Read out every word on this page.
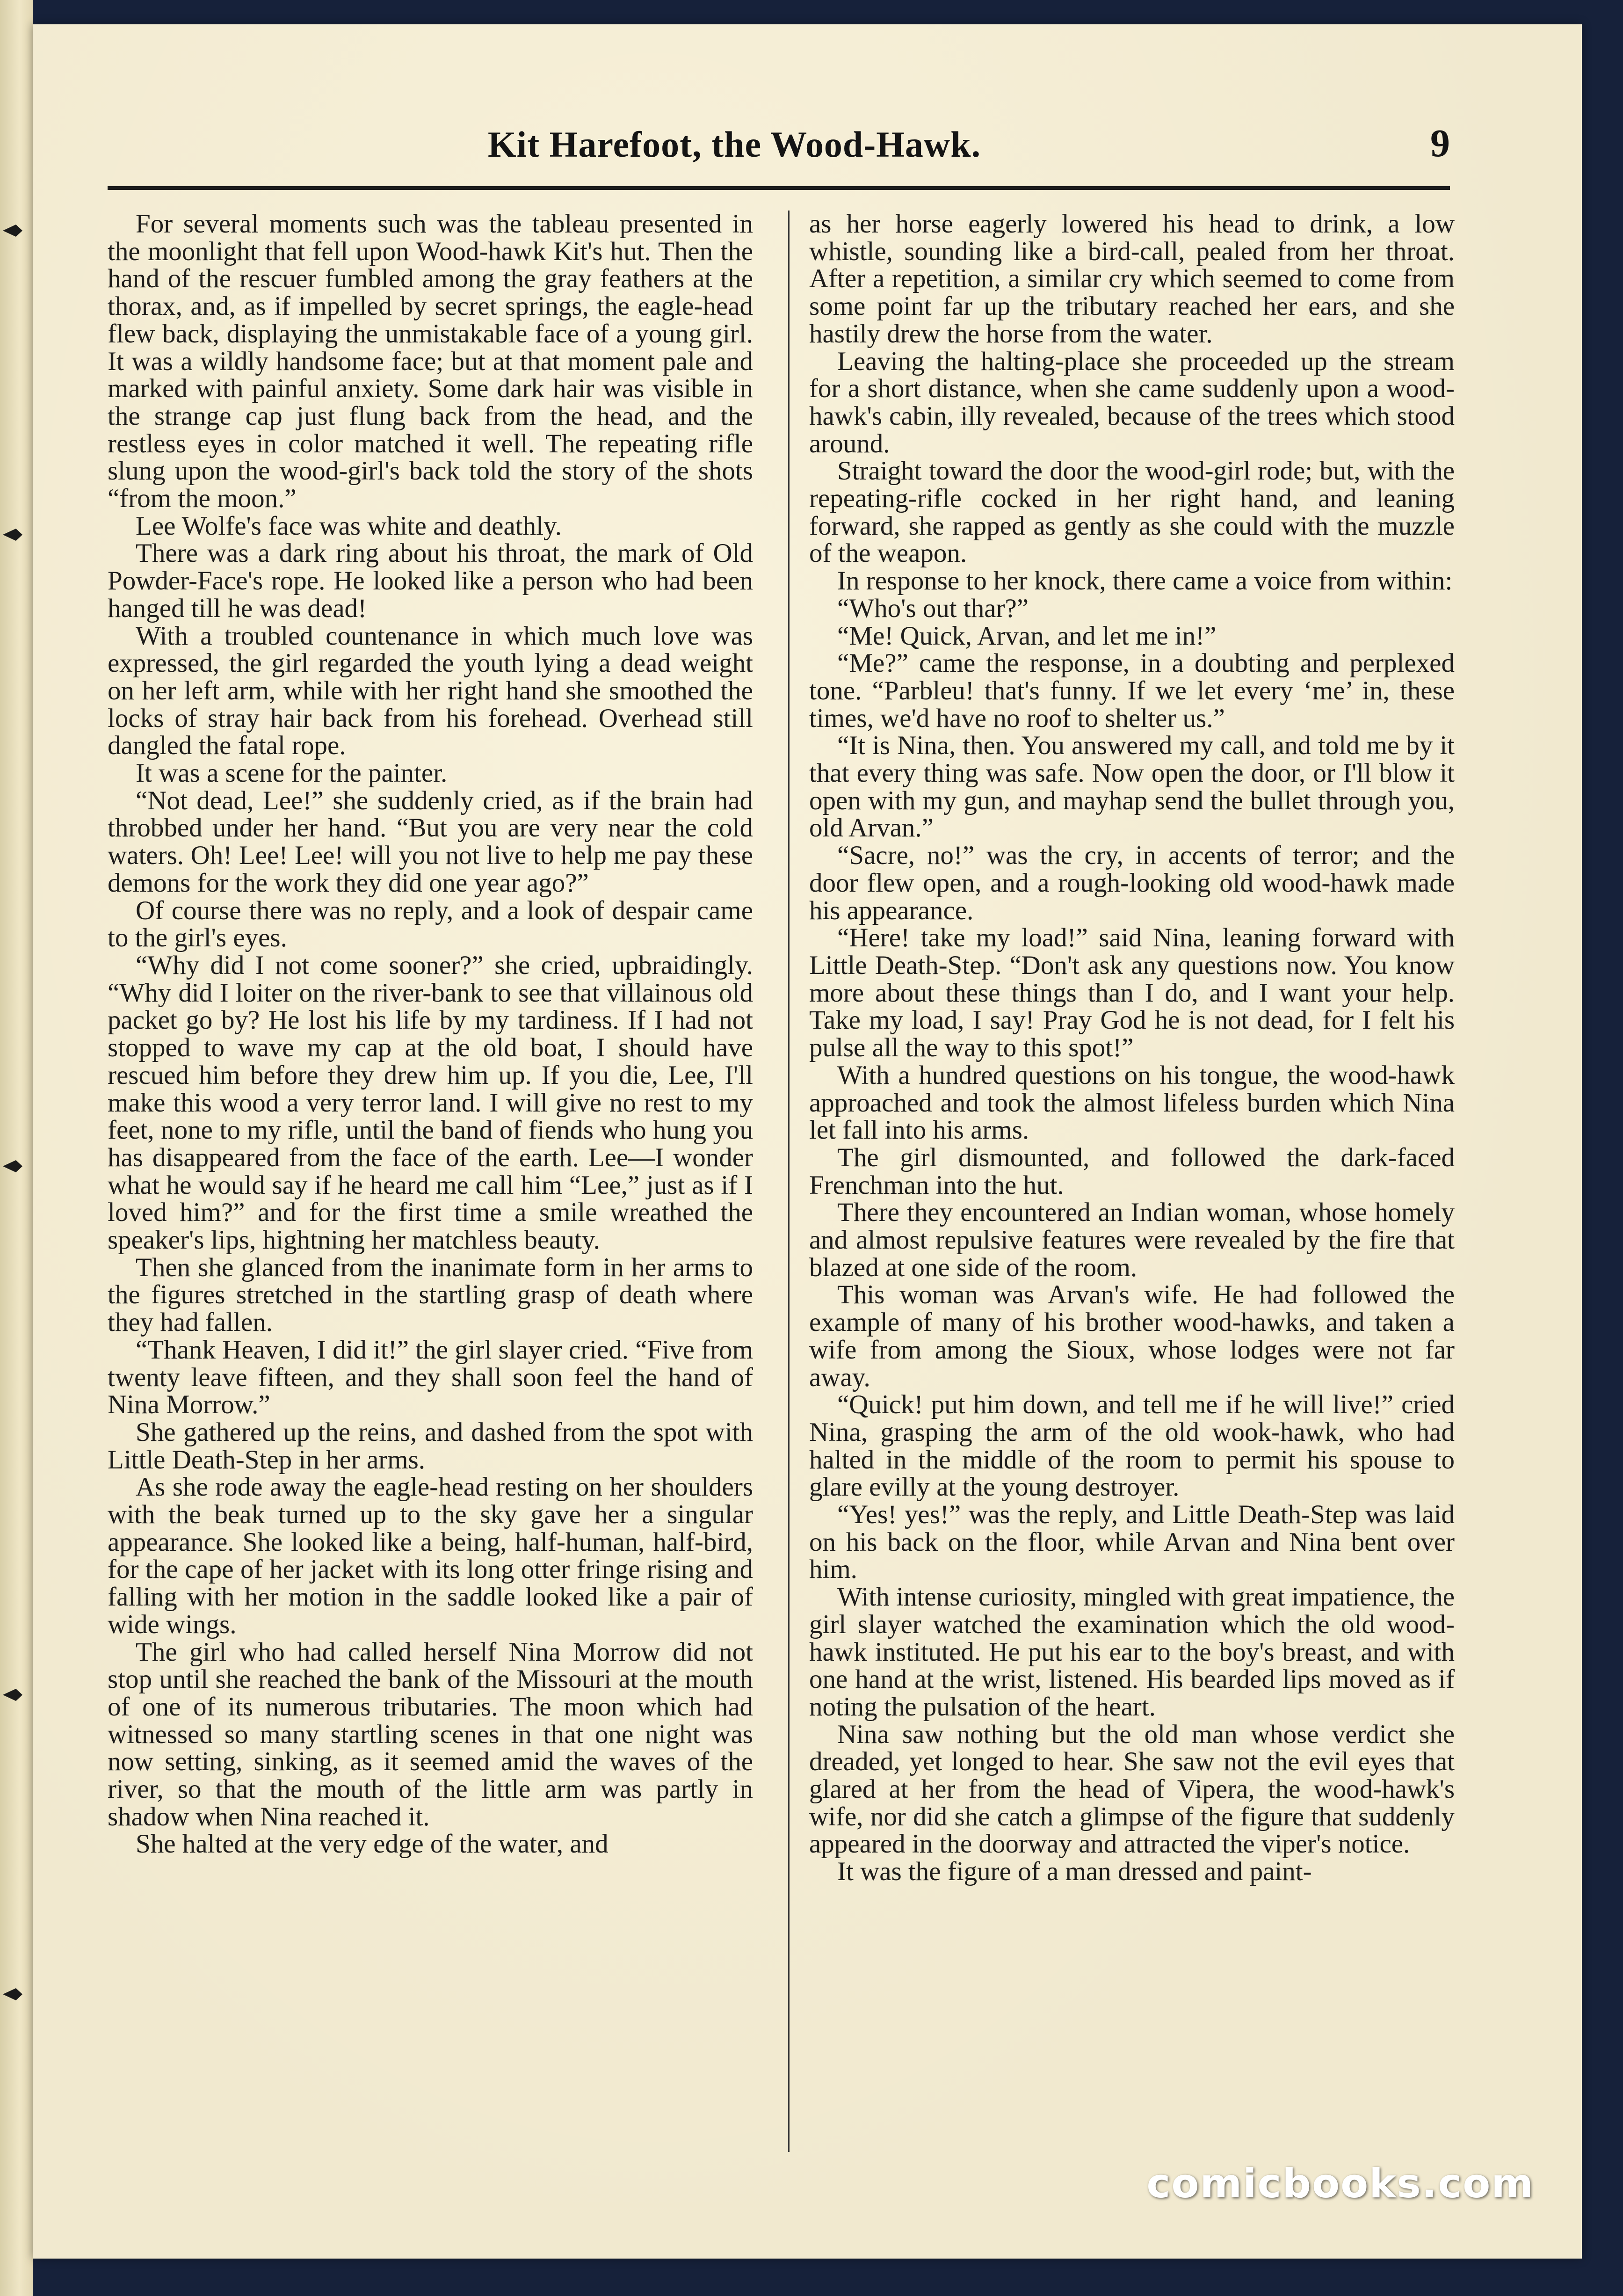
Kit Harefoot, the Wood-Hawk.	9

For several moments such was the tableau presented in the moonlight that fell upon Wood-hawk Kit's hut. Then the hand of the rescuer fumbled among the gray feathers at the thorax, and, as if impelled by secret springs, the eagle-head flew back, displaying the unmistakable face of a young girl. It was a wildly handsome face; but at that moment pale and marked with painful anxiety. Some dark hair was visible in the strange cap just flung back from the head, and the restless eyes in color matched it well. The repeating rifle slung upon the wood-girl's back told the story of the shots “from the moon.”

Lee Wolfe's face was white and deathly.

There was a dark ring about his throat, the mark of Old Powder-Face's rope. He looked like a person who had been hanged till he was dead!

With a troubled countenance in which much love was expressed, the girl regarded the youth lying a dead weight on her left arm, while with her right hand she smoothed the locks of stray hair back from his forehead. Overhead still dangled the fatal rope.

It was a scene for the painter.

“Not dead, Lee!” she suddenly cried, as if the brain had throbbed under her hand. “But you are very near the cold waters. Oh! Lee! Lee! will you not live to help me pay these demons for the work they did one year ago?”

Of course there was no reply, and a look of despair came to the girl's eyes.

“Why did I not come sooner?” she cried, upbraidingly. “Why did I loiter on the river-bank to see that villainous old packet go by? He lost his life by my tardiness. If I had not stopped to wave my cap at the old boat, I should have rescued him before they drew him up. If you die, Lee, I'll make this wood a very terror land. I will give no rest to my feet, none to my rifle, until the band of fiends who hung you has disappeared from the face of the earth. Lee—I wonder what he would say if he heard me call him “Lee,” just as if I loved him?” and for the first time a smile wreathed the speaker's lips, hightning her matchless beauty.

Then she glanced from the inanimate form in her arms to the figures stretched in the startling grasp of death where they had fallen.

“Thank Heaven, I did it!” the girl slayer cried. “Five from twenty leave fifteen, and they shall soon feel the hand of Nina Morrow.”

She gathered up the reins, and dashed from the spot with Little Death-Step in her arms.

As she rode away the eagle-head resting on her shoulders with the beak turned up to the sky gave her a singular appearance. She looked like a being, half-human, half-bird, for the cape of her jacket with its long otter fringe rising and falling with her motion in the saddle looked like a pair of wide wings.

The girl who had called herself Nina Morrow did not stop until she reached the bank of the Missouri at the mouth of one of its numerous tributaries. The moon which had witnessed so many startling scenes in that one night was now setting, sinking, as it seemed amid the waves of the river, so that the mouth of the little arm was partly in shadow when Nina reached it.

She halted at the very edge of the water, and

as her horse eagerly lowered his head to drink, a low whistle, sounding like a bird-call, pealed from her throat. After a repetition, a similar cry which seemed to come from some point far up the tributary reached her ears, and she hastily drew the horse from the water.

Leaving the halting-place she proceeded up the stream for a short distance, when she came suddenly upon a wood-hawk's cabin, illy revealed, because of the trees which stood around.

Straight toward the door the wood-girl rode; but, with the repeating-rifle cocked in her right hand, and leaning forward, she rapped as gently as she could with the muzzle of the weapon.

In response to her knock, there came a voice from within:

“Who's out thar?”

“Me! Quick, Arvan, and let me in!”

“Me?” came the response, in a doubting and perplexed tone. “Parbleu! that's funny. If we let every ‘me’ in, these times, we'd have no roof to shelter us.”

“It is Nina, then. You answered my call, and told me by it that every thing was safe. Now open the door, or I'll blow it open with my gun, and mayhap send the bullet through you, old Arvan.”

“Sacre, no!” was the cry, in accents of terror; and the door flew open, and a rough-looking old wood-hawk made his appearance.

“Here! take my load!” said Nina, leaning forward with Little Death-Step. “Don't ask any questions now. You know more about these things than I do, and I want your help. Take my load, I say! Pray God he is not dead, for I felt his pulse all the way to this spot!”

With a hundred questions on his tongue, the wood-hawk approached and took the almost lifeless burden which Nina let fall into his arms.

The girl dismounted, and followed the dark-faced Frenchman into the hut.

There they encountered an Indian woman, whose homely and almost repulsive features were revealed by the fire that blazed at one side of the room.

This woman was Arvan's wife. He had followed the example of many of his brother wood-hawks, and taken a wife from among the Sioux, whose lodges were not far away.

“Quick! put him down, and tell me if he will live!” cried Nina, grasping the arm of the old wook-hawk, who had halted in the middle of the room to permit his spouse to glare evilly at the young destroyer.

“Yes! yes!” was the reply, and Little Death-Step was laid on his back on the floor, while Arvan and Nina bent over him.

With intense curiosity, mingled with great impatience, the girl slayer watched the examination which the old wood-hawk instituted. He put his ear to the boy's breast, and with one hand at the wrist, listened. His bearded lips moved as if noting the pulsation of the heart.

Nina saw nothing but the old man whose verdict she dreaded, yet longed to hear. She saw not the evil eyes that glared at her from the head of Vipera, the wood-hawk's wife, nor did she catch a glimpse of the figure that suddenly appeared in the doorway and attracted the viper's notice.

It was the figure of a man dressed and paint-

comicbooks.com
